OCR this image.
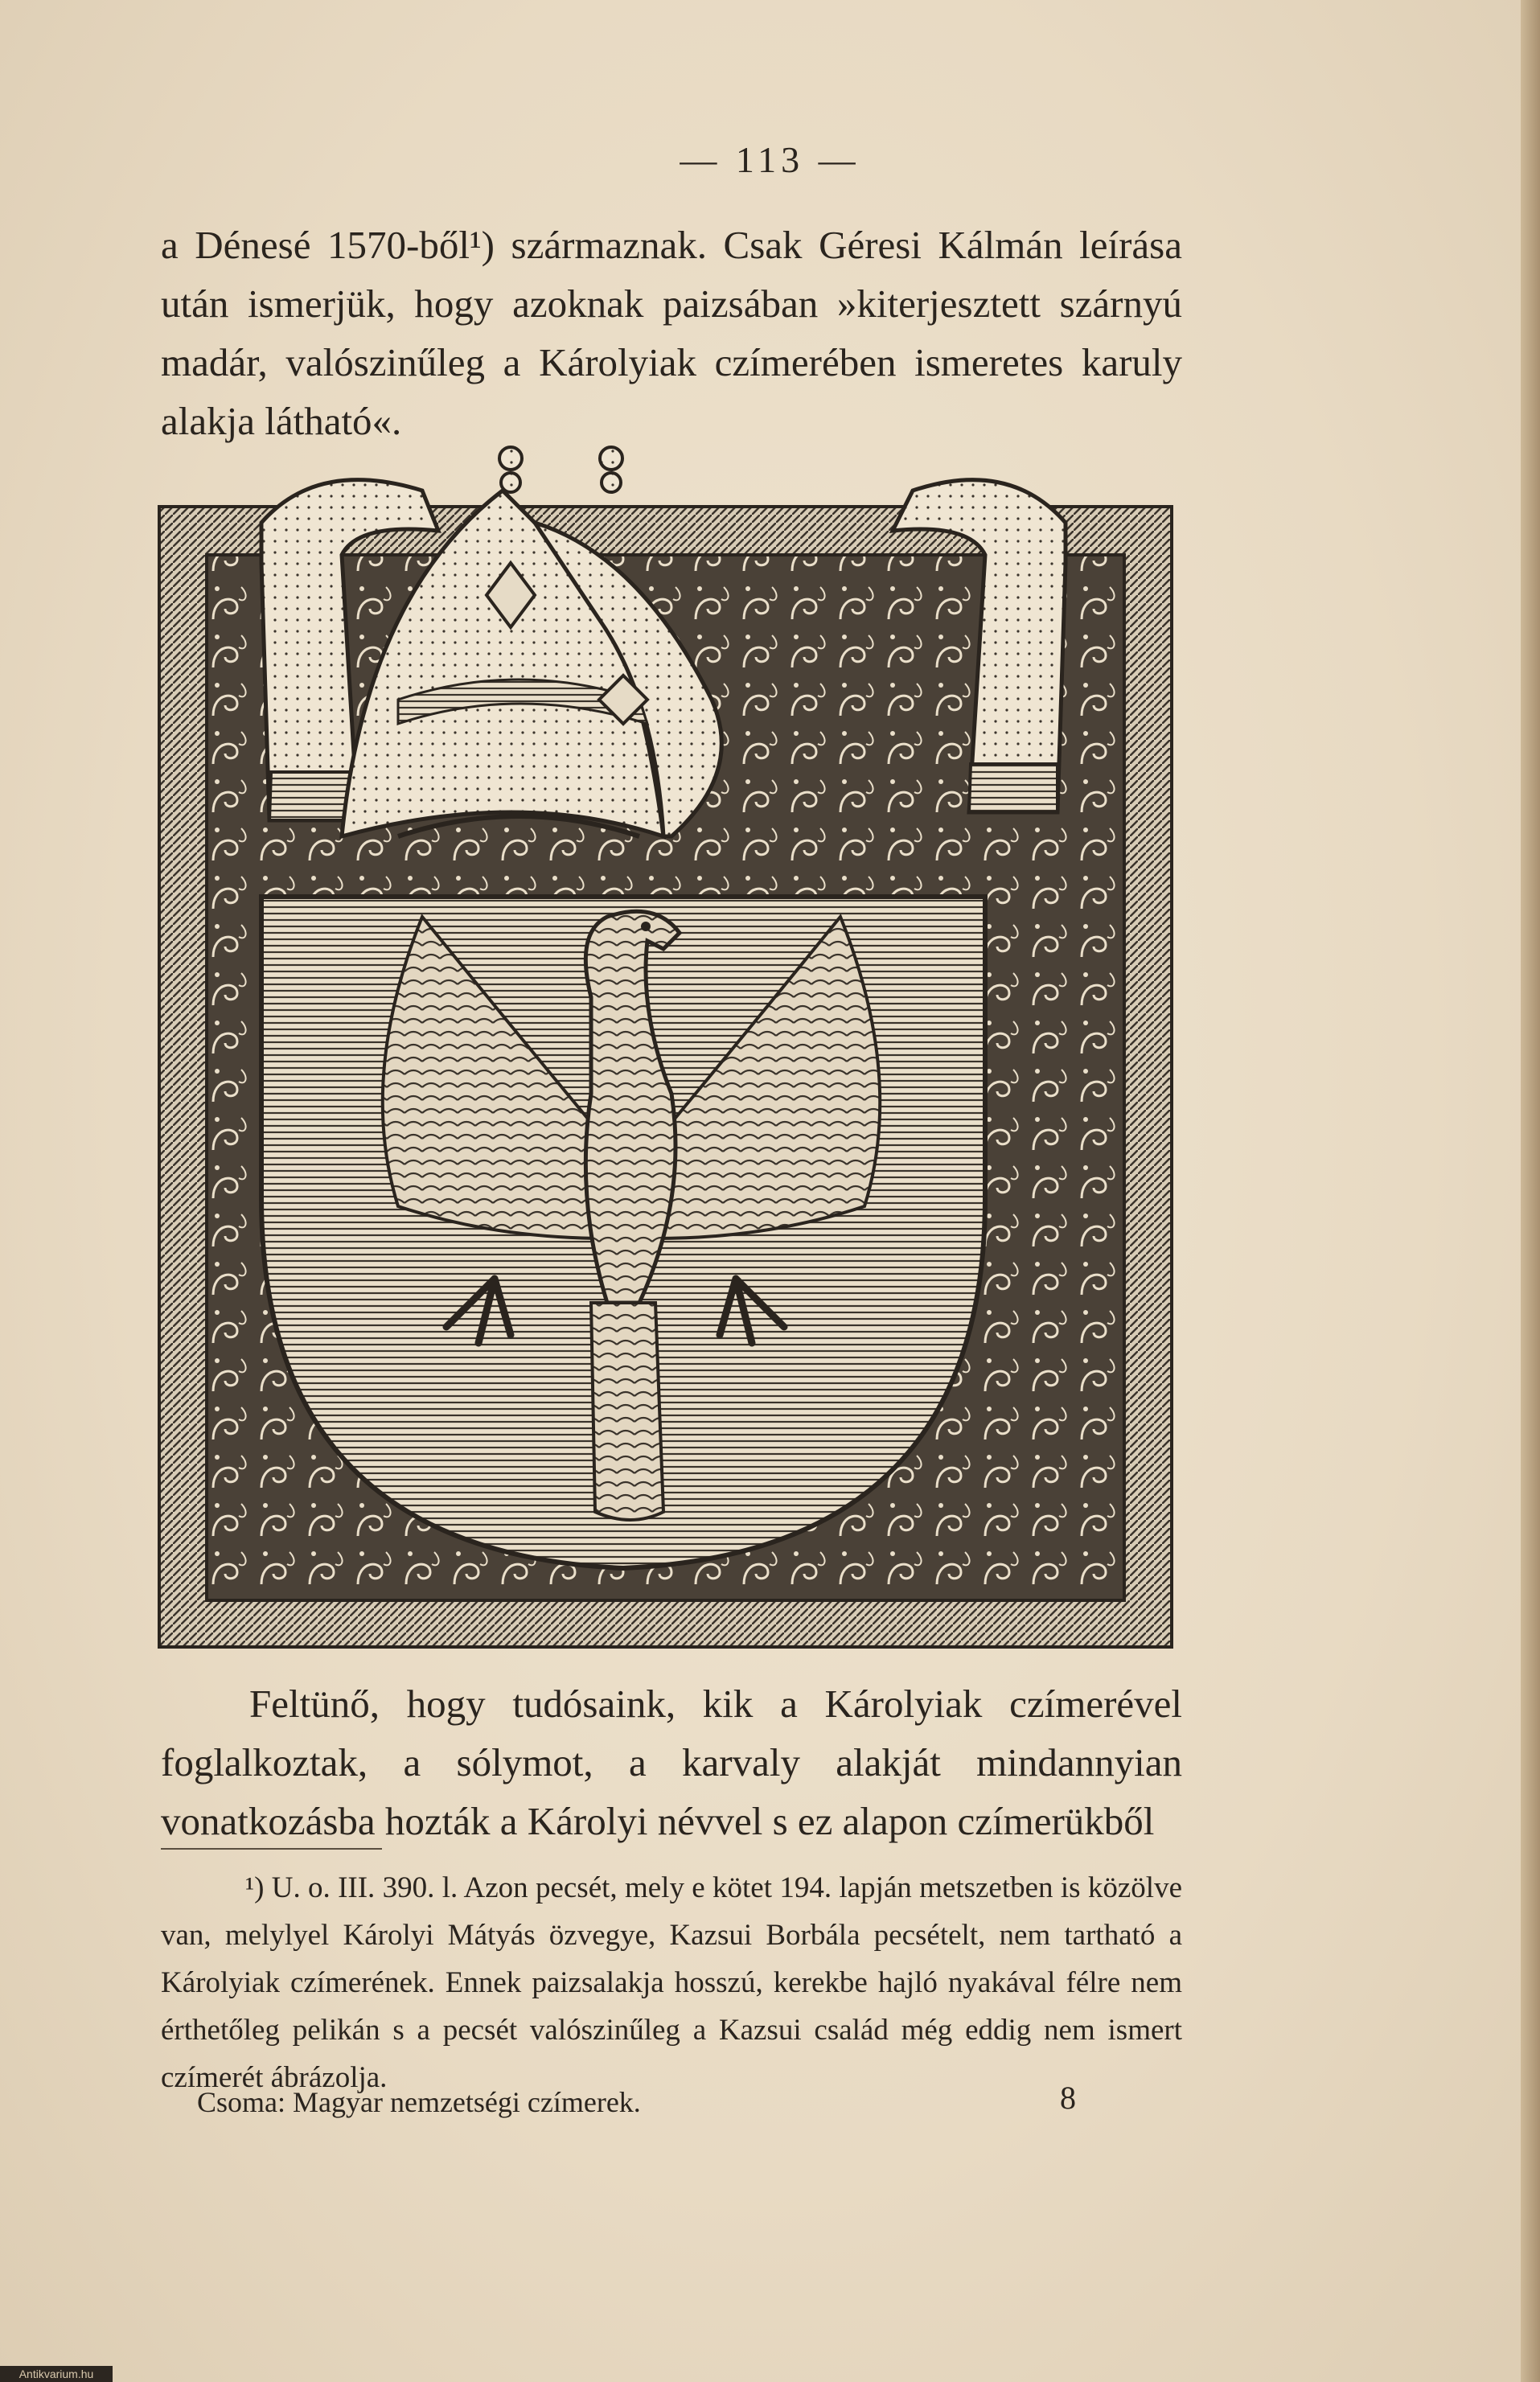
— 113 —

a Dénesé 1570-ből¹) származnak. Csak Géresi Kálmán leírása után ismerjük, hogy azoknak paizsában »kiterjesztett szárnyú madár, valószinűleg a Károlyiak czímerében ismeretes karuly alakja látható«.

Feltünő, hogy tudósaink, kik a Károlyiak czímerével foglalkoztak, a sólymot, a karvaly alakját mindannyian vonatkozásba hozták a Károlyi névvel s ez alapon czímerükből

¹) U. o. III. 390. l. Azon pecsét, mely e kötet 194. lapján metszetben is közölve van, melylyel Károlyi Mátyás özvegye, Kazsui Borbála pecsételt, nem tartható a Károlyiak czímerének. Ennek paizsalakja hosszú, kerekbe hajló nyakával félre nem érthetőleg pelikán s a pecsét valószinűleg a Kazsui család még eddig nem ismert czímerét ábrázolja.

Csoma: Magyar nemzetségi czímerek.	8
Antikvarium.hu
